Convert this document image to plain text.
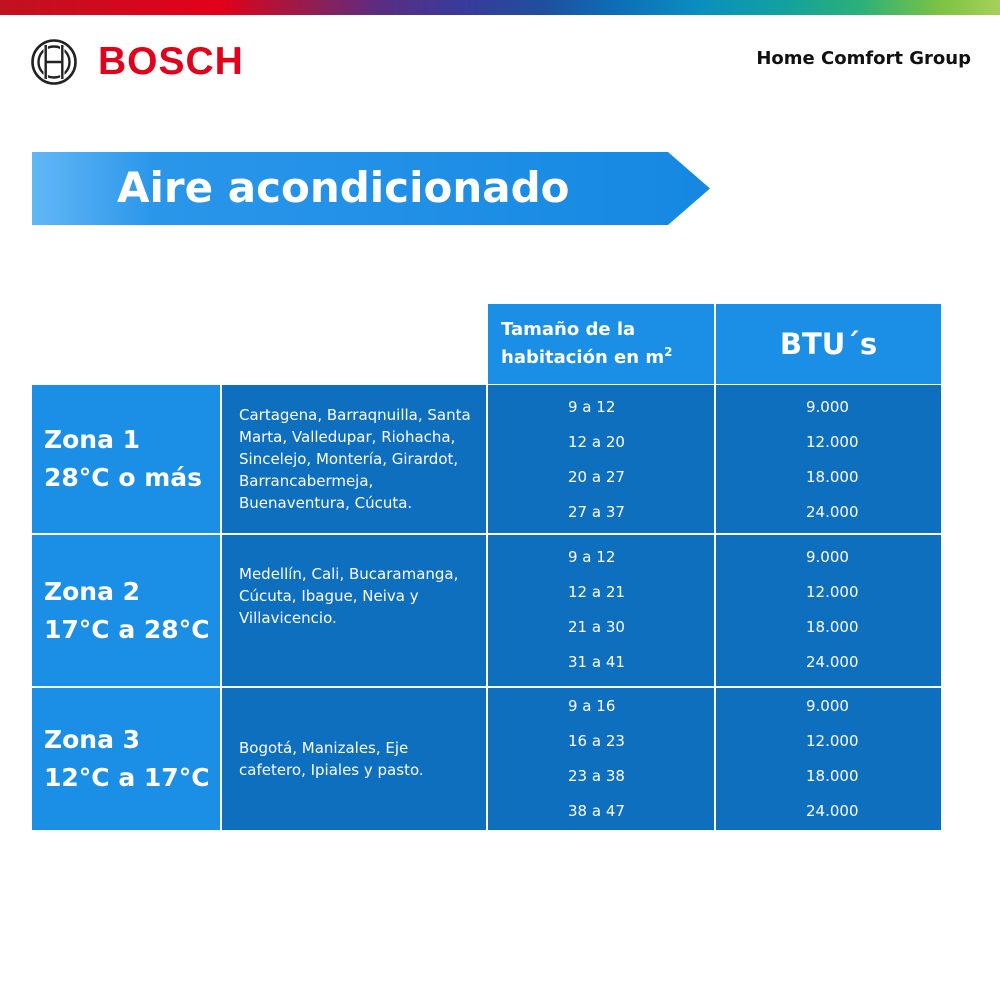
BOSCH	Home Comfort Group
Aire acondicionado
Tamaño de la habitación en $m^2$	BTU´s
Zona 1
28°C o más
Cartagena, Barraqnuilla, Santa Marta, Valledupar, Riohacha, Sincelejo, Montería, Girardot, Barrancabermeja, Buenaventura, Cúcuta.
9 a 12
12 a 20
20 a 27
27 a 37
9.000
12.000
18.000
24.000
Zona 2
17°C a 28°C
Medellín, Cali, Bucaramanga, Cúcuta, Ibague, Neiva y Villavicencio.
9 a 12
12 a 21
21 a 30
31 a 41
9.000
12.000
18.000
24.000
Zona 3
12°C a 17°C
Bogotá, Manizales, Eje cafetero, Ipiales y pasto.
9 a 16
16 a 23
23 a 38
38 a 47
9.000
12.000
18.000
24.000
